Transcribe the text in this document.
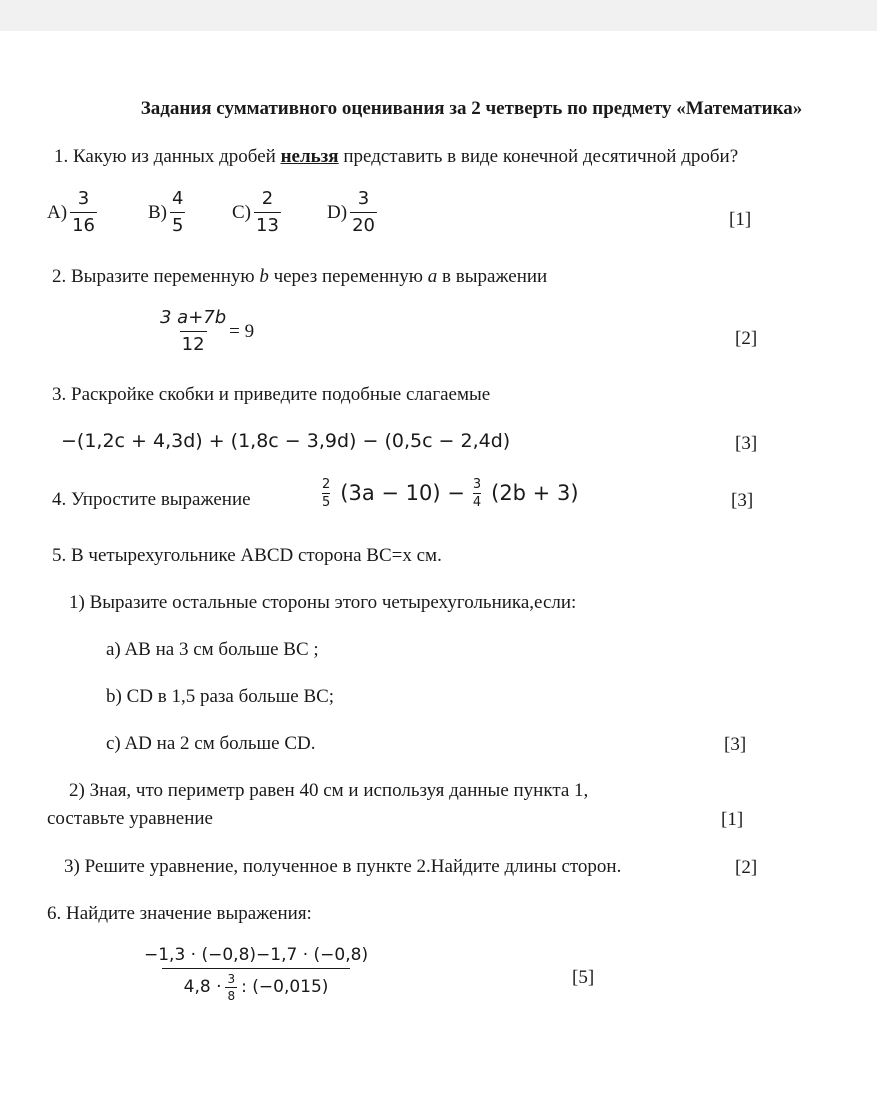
Задания суммативного оценивания за 2 четверть по предмету «Математика»
1. Какую из данных дробей нельзя представить в виде конечной десятичной дроби?
$A) \frac{3}{16}$	$B) \frac{4}{5} C) \frac{2}{13} D) \frac{3}{20}$	[1]
2. Выразите переменную b через переменную a в выражении
$\frac{3 a+7b}{12} = 9$	[2]
3. Раскройке скобки и приведите подобные слагаемые
−(1,2c + 4,3d) + (1,8c − 3,9d) − (0,5c − 2,4d)	[3]
4. Упростите выражение	$\frac{2}{5} (3a - 10) - \frac{3}{4} (2b + 3)$	[3]
5. В четырехугольнике ABCD сторона BC=x см.
1) Выразите остальные стороны этого четырехугольника,если:
a) AB на 3 см больше BC ;
b) CD в 1,5 раза больше BC;
c) AD на 2 см больше CD.	[3]
2) Зная, что периметр равен 40 см и используя данные пункта 1,
составьте уравнение	[1]
3) Решите уравнение, полученное в пункте 2.Найдите длины сторон.	[2]
6. Найдите значение выражения:
$\frac{-1,3 \cdot (-0,8)-1,7 \cdot (-0,8)}{4,8 \cdot \frac{3}{8} : (-0,015)}$	[5]
